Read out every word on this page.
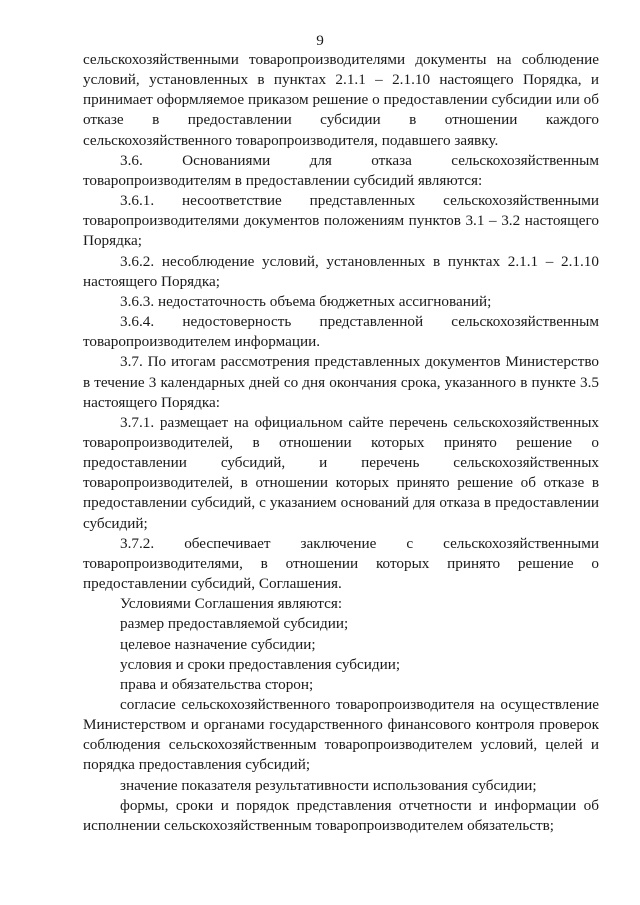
9

сельскохозяйственными товаропроизводителями документы на соблюдение условий, установленных в пунктах 2.1.1 – 2.1.10 настоящего Порядка, и принимает оформляемое приказом решение о предоставлении субсидии или об отказе в предоставлении субсидии в отношении каждого сельскохозяйственного товаропроизводителя, подавшего заявку.

3.6. Основаниями для отказа сельскохозяйственным товаропроизводителям в предоставлении субсидий являются:

3.6.1. несоответствие представленных сельскохозяйственными товаропроизводителями документов положениям пунктов 3.1 – 3.2 настоящего Порядка;

3.6.2. несоблюдение условий, установленных в пунктах 2.1.1 – 2.1.10 настоящего Порядка;

3.6.3. недостаточность объема бюджетных ассигнований;

3.6.4. недостоверность представленной сельскохозяйственным товаропроизводителем информации.

3.7. По итогам рассмотрения представленных документов Министерство в течение 3 календарных дней со дня окончания срока, указанного в пункте 3.5 настоящего Порядка:

3.7.1. размещает на официальном сайте перечень сельскохозяйственных товаропроизводителей, в отношении которых принято решение о предоставлении субсидий, и перечень сельскохозяйственных товаропроизводителей, в отношении которых принято решение об отказе в предоставлении субсидий, с указанием оснований для отказа в предоставлении субсидий;

3.7.2. обеспечивает заключение с сельскохозяйственными товаропроизводителями, в отношении которых принято решение о предоставлении субсидий, Соглашения.

Условиями Соглашения являются:

размер предоставляемой субсидии;

целевое назначение субсидии;

условия и сроки предоставления субсидии;

права и обязательства сторон;

согласие сельскохозяйственного товаропроизводителя на осуществление Министерством и органами государственного финансового контроля проверок соблюдения сельскохозяйственным товаропроизводителем условий, целей и порядка предоставления субсидий;

значение показателя результативности использования субсидии;

формы, сроки и порядок представления отчетности и информации об исполнении сельскохозяйственным товаропроизводителем обязательств;
